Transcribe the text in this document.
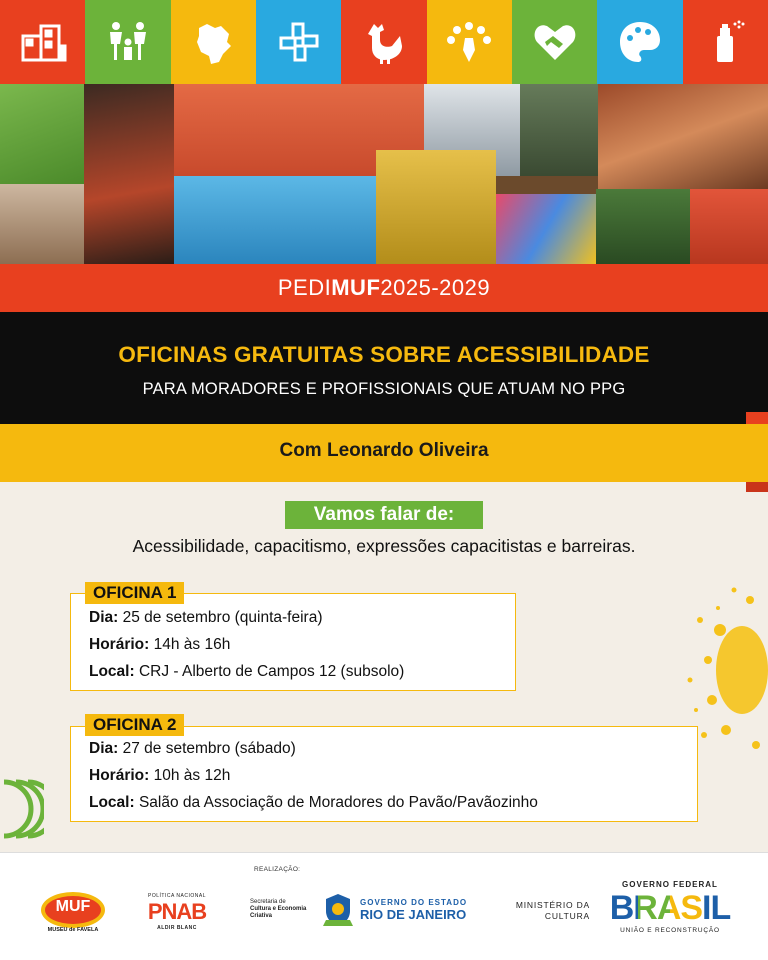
PEDI MUF 2025-2029
OFICINAS GRATUITAS SOBRE ACESSIBILIDADE
PARA MORADORES E PROFISSIONAIS QUE ATUAM NO PPG
Com Leonardo Oliveira
Vamos falar de:
Acessibilidade, capacitismo, expressões capacitistas e barreiras.
Dia: 25 de setembro (quinta-feira)
Horário: 14h às 16h
Local: CRJ - Alberto de Campos 12 (subsolo)
OFICINA 1
Dia: 27 de setembro (sábado)
Horário: 10h às 12h
Local: Salão da Associação de Moradores do Pavão/Pavãozinho
OFICINA 2
REALIZAÇÃO:
MUF
MUSEU de FAVELA
POLÍTICA NACIONAL
PNAB
ALDIR BLANC
Secretaria de
Cultura e Economia
Criativa
GOVERNO DO ESTADO
RIO DE JANEIRO
MINISTÉRIO DA
CULTURA
GOVERNO FEDERAL
BRASIL
UNIÃO E RECONSTRUÇÃO
